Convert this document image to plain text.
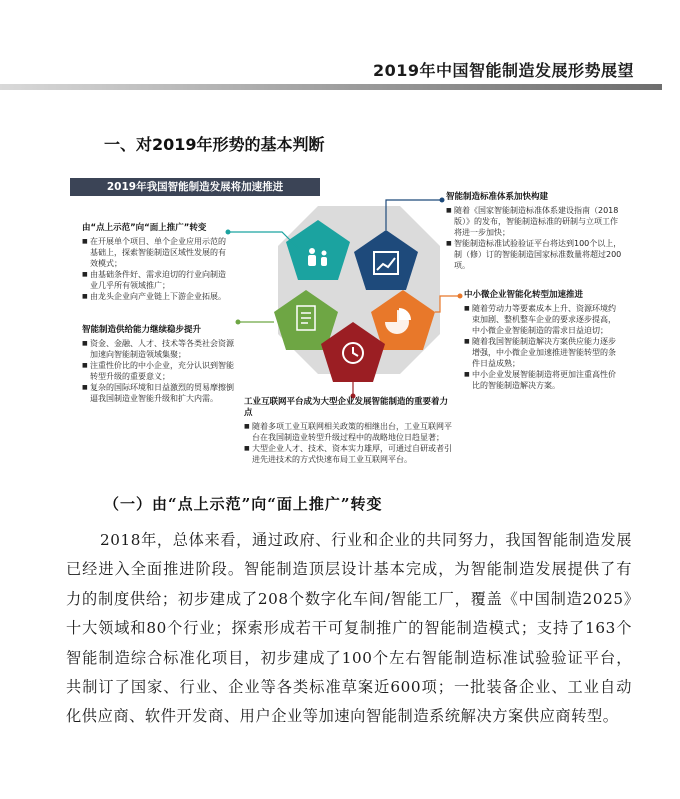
2019年中国智能制造发展形势展望
一、对2019年形势的基本判断
2019年我国智能制造发展将加速推进
由“点上示范”向“面上推广”转变
■ 在开展单个项目、单个企业应用示范的基础上，探索智能制造区域性发展的有效模式；
■ 由基础条件好、需求迫切的行业向制造业几乎所有领域推广；
■ 由龙头企业向产业链上下游企业拓展。
智能制造供给能力继续稳步提升
■ 资金、金融、人才、技术等各类社会资源加速向智能制造领域集聚；
■ 注重性价比的中小企业，充分认识到智能转型升级的重要意义；
■ 复杂的国际环境和日益激烈的贸易摩擦倒逼我国制造业智能升级和扩大内需。
智能制造标准体系加快构建
■ 随着《国家智能制造标准体系建设指南（2018版）》的发布，智能制造标准的研制与立项工作将进一步加快；
■ 智能制造标准试验验证平台将达到100个以上，制（修）订的智能制造国家标准数量将超过200项。
中小微企业智能化转型加速推进
■ 随着劳动力等要素成本上升、资源环境约束加剧、整机整车企业的要求逐步提高，中小微企业智能制造的需求日益迫切；
■ 随着我国智能制造解决方案供应能力逐步增强，中小微企业加速推进智能转型的条件日益成熟；
■ 中小企业发展智能制造将更加注重高性价比的智能制造解决方案。
工业互联网平台成为大型企业发展智能制造的重要着力点
■ 随着多项工业互联网相关政策的相继出台，工业互联网平台在我国制造业转型升级过程中的战略地位日趋显著；
■ 大型企业人才、技术、资本实力雄厚，可通过自研或者引进先进技术的方式快速布局工业互联网平台。
（一）由“点上示范”向“面上推广”转变

2018年，总体来看，通过政府、行业和企业的共同努力，我国智能制造发展已经进入全面推进阶段。智能制造顶层设计基本完成，为智能制造发展提供了有力的制度供给；初步建成了208个数字化车间/智能工厂，覆盖《中国制造2025》十大领域和80个行业；探索形成若干可复制推广的智能制造模式；支持了163个智能制造综合标准化项目，初步建成了100个左右智能制造标准试验验证平台，共制订了国家、行业、企业等各类标准草案近600项；一批装备企业、工业自动化供应商、软件开发商、用户企业等加速向智能制造系统解决方案供应商转型。
